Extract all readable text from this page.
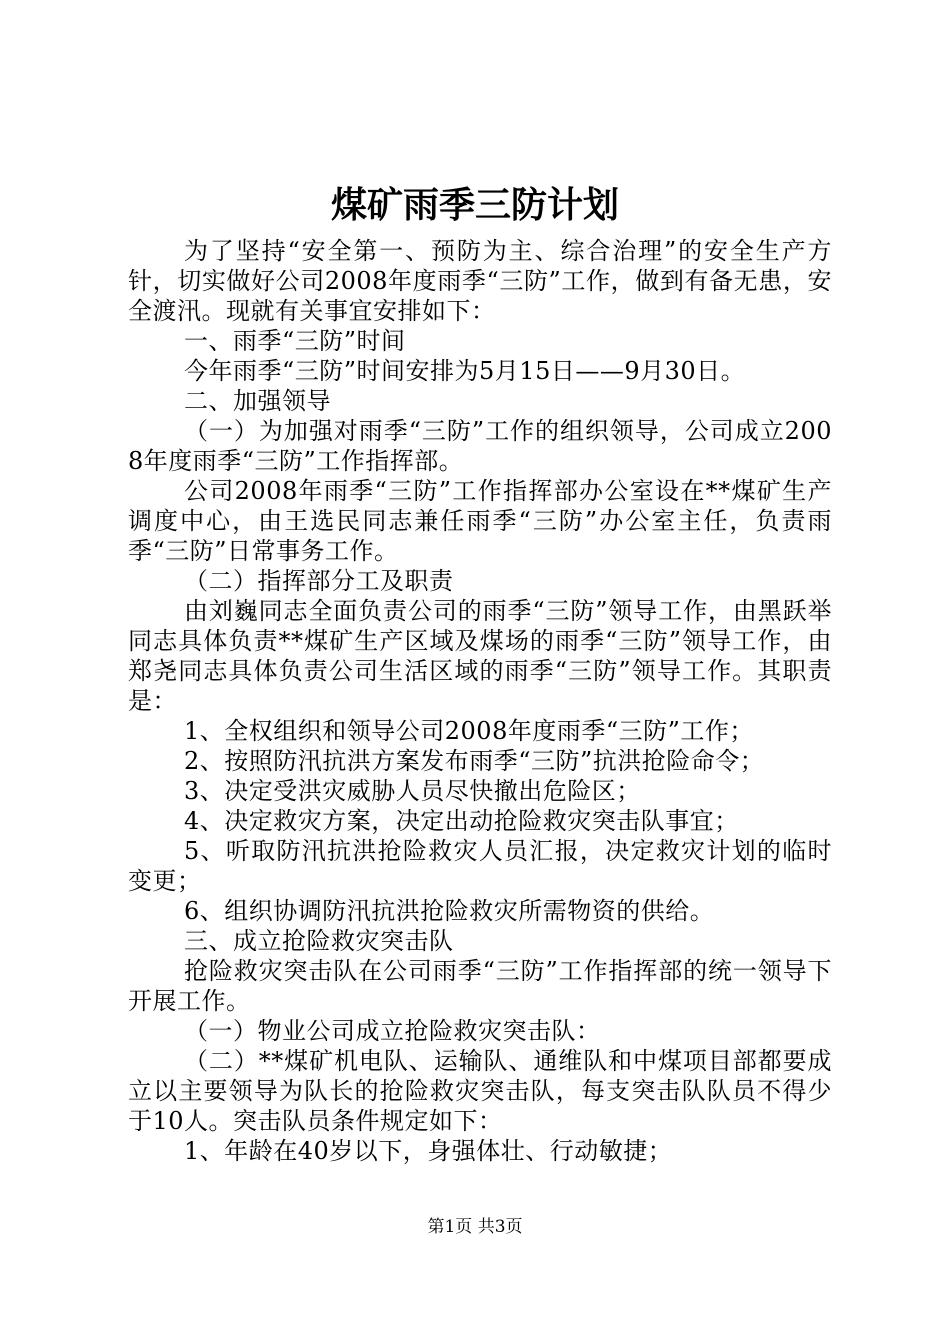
煤矿雨季三防计划

为了坚持“安全第一、预防为主、综合治理”的安全生产方针，切实做好公司2008年度雨季“三防”工作，做到有备无患，安全渡汛。现就有关事宜安排如下：

一、雨季“三防”时间

今年雨季“三防”时间安排为5月15日——9月30日。

二、加强领导

（一）为加强对雨季“三防”工作的组织领导，公司成立2008年度雨季“三防”工作指挥部。

公司2008年雨季“三防”工作指挥部办公室设在**煤矿生产调度中心，由王选民同志兼任雨季“三防”办公室主任，负责雨季“三防”日常事务工作。

（二）指挥部分工及职责

由刘巍同志全面负责公司的雨季“三防”领导工作，由黑跃举同志具体负责**煤矿生产区域及煤场的雨季“三防”领导工作，由郑尧同志具体负责公司生活区域的雨季“三防”领导工作。其职责是：

1、全权组织和领导公司2008年度雨季“三防”工作；

2、按照防汛抗洪方案发布雨季“三防”抗洪抢险命令；

3、决定受洪灾威胁人员尽快撤出危险区；

4、决定救灾方案，决定出动抢险救灾突击队事宜；

5、听取防汛抗洪抢险救灾人员汇报，决定救灾计划的临时变更；

6、组织协调防汛抗洪抢险救灾所需物资的供给。

三、成立抢险救灾突击队

抢险救灾突击队在公司雨季“三防”工作指挥部的统一领导下开展工作。

（一）物业公司成立抢险救灾突击队：

（二）**煤矿机电队、运输队、通维队和中煤项目部都要成立以主要领导为队长的抢险救灾突击队，每支突击队队员不得少于10人。突击队员条件规定如下：

1、年龄在40岁以下，身强体壮、行动敏捷；

第1页 共3页
